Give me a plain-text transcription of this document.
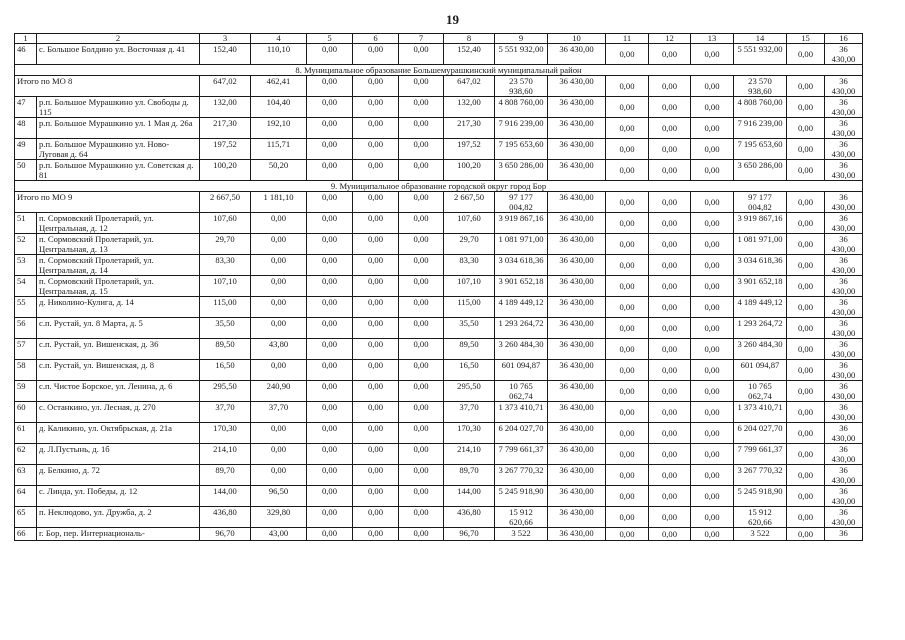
19
1	2	3	4	5	6	7	8	9	10	11	12	13	14	15	16
46	с. Большое Болдино ул. Восточная д. 41	152,40	110,10	0,00	0,00	0,00	152,40	5 551 932,00	36 430,00	0,00	0,00	0,00	5 551 932,00	0,00	36 430,00
8. Муниципальное образование Большемурашкинский муниципальный район															
Итого по МО 8		647,02	462,41	0,00	0,00	0,00	647,02	23 570 938,60	36 430,00	0,00	0,00	0,00	23 570 938,60	0,00	36 430,00
47	р.п. Большое Мурашкино ул. Свободы д. 115	132,00	104,40	0,00	0,00	0,00	132,00	4 808 760,00	36 430,00	0,00	0,00	0,00	4 808 760,00	0,00	36 430,00
48	р.п. Большое Мурашкино ул. 1 Мая д. 26а	217,30	192,10	0,00	0,00	0,00	217,30	7 916 239,00	36 430,00	0,00	0,00	0,00	7 916 239,00	0,00	36 430,00
49	р.п. Большое Мурашкино ул. Ново-Луговая д. 64	197,52	115,71	0,00	0,00	0,00	197,52	7 195 653,60	36 430,00	0,00	0,00	0,00	7 195 653,60	0,00	36 430,00
50	р.п. Большое Мурашкино ул. Советская д. 81	100,20	50,20	0,00	0,00	0,00	100,20	3 650 286,00	36 430,00	0,00	0,00	0,00	3 650 286,00	0,00	36 430,00
9. Муниципальное образование городской округ город Бор															
Итого по МО 9		2 667,50	1 181,10	0,00	0,00	0,00	2 667,50	97 177 004,82	36 430,00	0,00	0,00	0,00	97 177 004,82	0,00	36 430,00
51	п. Сормовский Пролетарий, ул. Центральная, д. 12	107,60	0,00	0,00	0,00	0,00	107,60	3 919 867,16	36 430,00	0,00	0,00	0,00	3 919 867,16	0,00	36 430,00
52	п. Сормовский Пролетарий, ул. Центральная, д. 13	29,70	0,00	0,00	0,00	0,00	29,70	1 081 971,00	36 430,00	0,00	0,00	0,00	1 081 971,00	0,00	36 430,00
53	п. Сормовский Пролетарий, ул. Центральная, д. 14	83,30	0,00	0,00	0,00	0,00	83,30	3 034 618,36	36 430,00	0,00	0,00	0,00	3 034 618,36	0,00	36 430,00
54	п. Сормовский Пролетарий, ул. Центральная, д. 15	107,10	0,00	0,00	0,00	0,00	107,10	3 901 652,18	36 430,00	0,00	0,00	0,00	3 901 652,18	0,00	36 430,00
55	д. Николино-Кулига, д. 14	115,00	0,00	0,00	0,00	0,00	115,00	4 189 449,12	36 430,00	0,00	0,00	0,00	4 189 449,12	0,00	36 430,00
56	с.п. Рустай, ул. 8 Марта, д. 5	35,50	0,00	0,00	0,00	0,00	35,50	1 293 264,72	36 430,00	0,00	0,00	0,00	1 293 264,72	0,00	36 430,00
57	с.п. Рустай, ул. Вишенская, д. 36	89,50	43,80	0,00	0,00	0,00	89,50	3 260 484,30	36 430,00	0,00	0,00	0,00	3 260 484,30	0,00	36 430,00
58	с.п. Рустай, ул. Вишенская, д. 8	16,50	0,00	0,00	0,00	0,00	16,50	601 094,87	36 430,00	0,00	0,00	0,00	601 094,87	0,00	36 430,00
59	с.п. Чистое Борское, ул. Ленина, д. 6	295,50	240,90	0,00	0,00	0,00	295,50	10 765 062,74	36 430,00	0,00	0,00	0,00	10 765 062,74	0,00	36 430,00
60	с. Останкино, ул. Лесная, д. 270	37,70	37,70	0,00	0,00	0,00	37,70	1 373 410,71	36 430,00	0,00	0,00	0,00	1 373 410,71	0,00	36 430,00
61	д. Каликино, ул. Октябрьская, д. 21а	170,30	0,00	0,00	0,00	0,00	170,30	6 204 027,70	36 430,00	0,00	0,00	0,00	6 204 027,70	0,00	36 430,00
62	д. Л.Пустынь, д. 1б	214,10	0,00	0,00	0,00	0,00	214,10	7 799 661,37	36 430,00	0,00	0,00	0,00	7 799 661,37	0,00	36 430,00
63	д. Белкино, д. 72	89,70	0,00	0,00	0,00	0,00	89,70	3 267 770,32	36 430,00	0,00	0,00	0,00	3 267 770,32	0,00	36 430,00
64	с. Линда, ул. Победы, д. 12	144,00	96,50	0,00	0,00	0,00	144,00	5 245 918,90	36 430,00	0,00	0,00	0,00	5 245 918,90	0,00	36 430,00
65	п. Неклюдово, ул. Дружба, д. 2	436,80	329,80	0,00	0,00	0,00	436,80	15 912 620,66	36 430,00	0,00	0,00	0,00	15 912 620,66	0,00	36 430,00
66	г. Бор, пер. Интернациональ-	96,70	43,00	0,00	0,00	0,00	96,70	3 522	36 430,00	0,00	0,00	0,00	3 522	0,00	36
